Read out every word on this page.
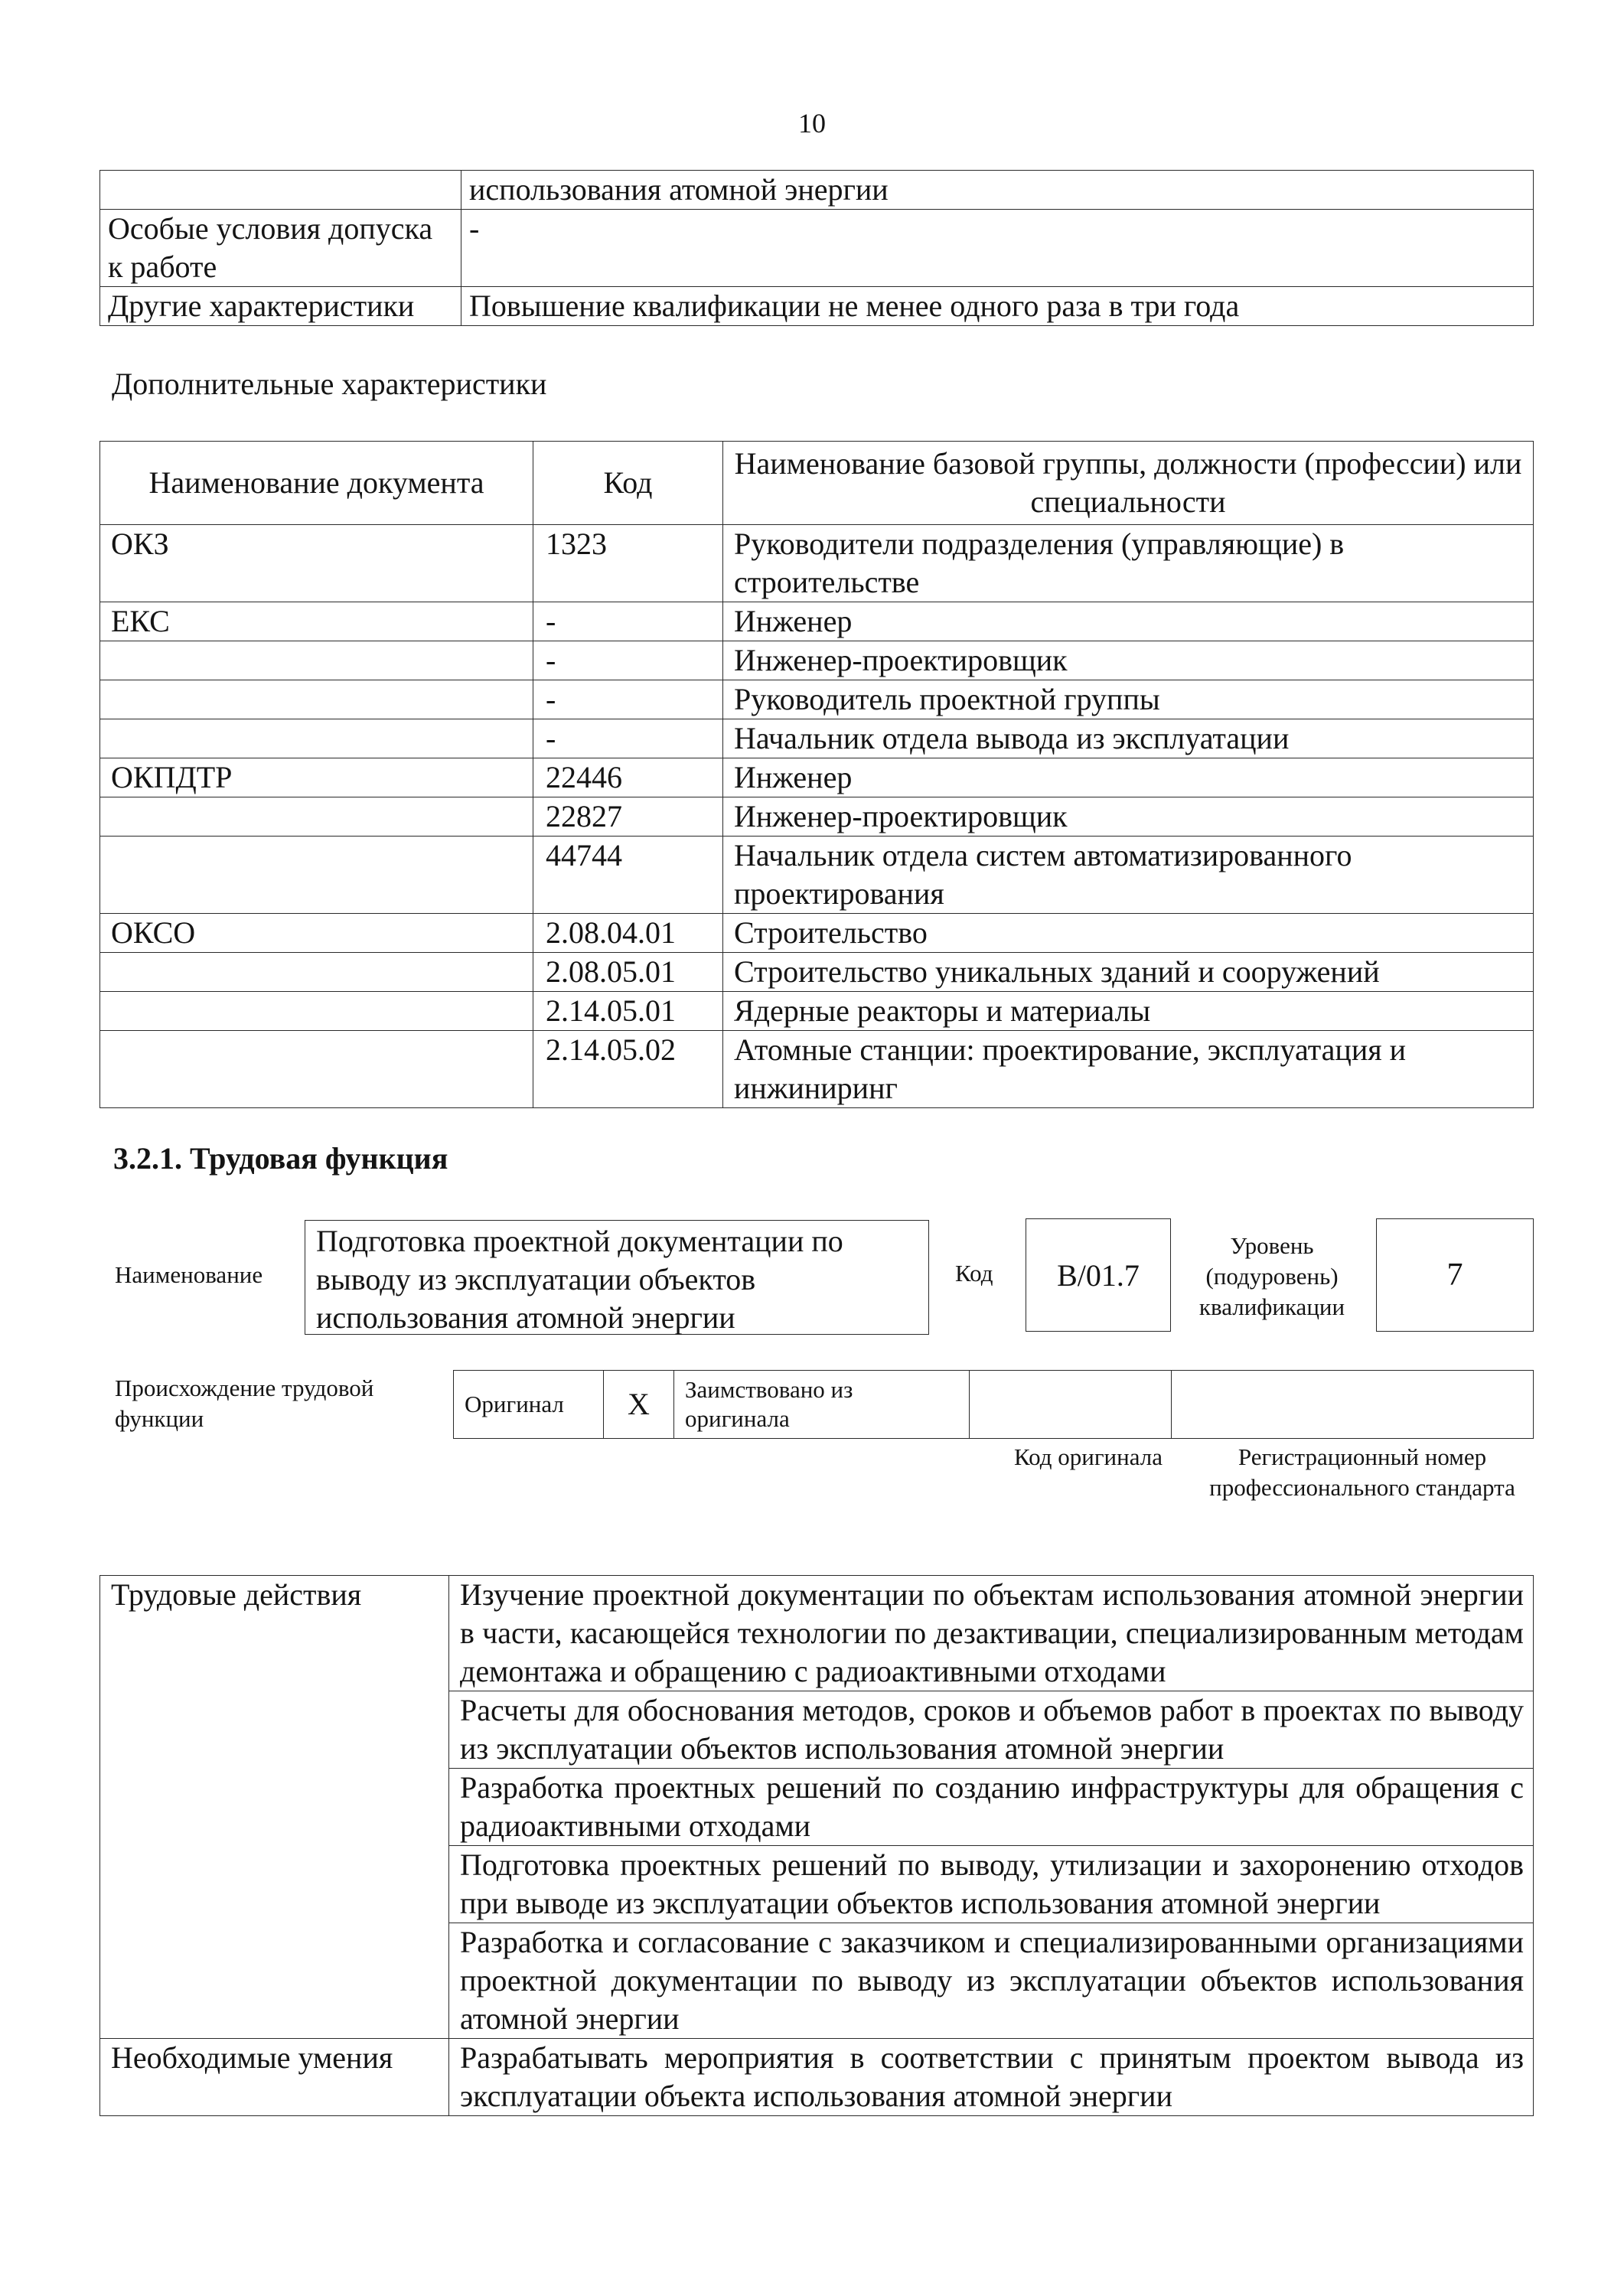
10
	использования атомной энергии
Особые условия допуска к работе	-
Другие характеристики	Повышение квалификации не менее одного раза в три года
Дополнительные характеристики
Наименование документа	Код	Наименование базовой группы, должности (профессии) или специальности
ОКЗ	1323	Руководители подразделения (управляющие) в строительстве
ЕКС	-	Инженер
	-	Инженер-проектировщик
	-	Руководитель проектной группы
	-	Начальник отдела вывода из эксплуатации
ОКПДТР	22446	Инженер
	22827	Инженер-проектировщик
	44744	Начальник отдела систем автоматизированного проектирования
ОКСО	2.08.04.01	Строительство
	2.08.05.01	Строительство уникальных зданий и сооружений
	2.14.05.01	Ядерные реакторы и материалы
	2.14.05.02	Атомные станции: проектирование, эксплуатация и инжиниринг
3.2.1. Трудовая функция
Наименование
Подготовка проектной документации по выводу из эксплуатации объектов использования атомной энергии
Код	B/01.7
Уровень (подуровень) квалификации
7
Происхождение трудовой функции
Оригинал	X	Заимствовано из оригинала		
Код оригинала	Регистрационный номер профессионального стандарта
Трудовые действия	Изучение проектной документации по объектам использования атомной энергии в части, касающейся технологии по дезактивации, специализированным методам демонтажа и обращению с радиоактивными отходами
	Расчеты для обоснования методов, сроков и объемов работ в проектах по выводу из эксплуатации объектов использования атомной энергии
	Разработка проектных решений по созданию инфраструктуры для обращения с радиоактивными отходами
	Подготовка проектных решений по выводу, утилизации и захоронению отходов при выводе из эксплуатации объектов использования атомной энергии
	Разработка и согласование с заказчиком и специализированными организациями проектной документации по выводу из эксплуатации объектов использования атомной энергии
Необходимые умения	Разрабатывать мероприятия в соответствии с принятым проектом вывода из эксплуатации объекта использования атомной энергии
